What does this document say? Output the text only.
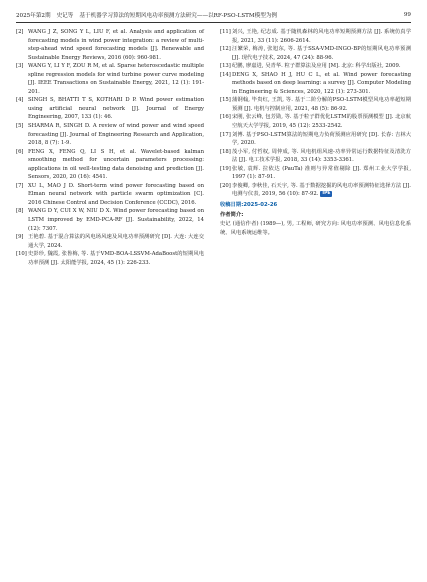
2025年第2期 史记等 基于机器学习算法的短期风电功率预测方法研究——以RF-PSO-LSTM模型为例	99

[2] WANG J Z, SONG Y L, LIU F, et al. Analysis and application of forecasting models in wind power integration: a review of multi-step-ahead wind speed forecasting models [J]. Renewable and Sustainable Energy Reviews, 2016 (60): 960-981.

[3] WANG Y, LI Y F, ZOU R M, et al. Sparse heteroscedastic multiple spline regression models for wind turbine power curve modeling [J]. IEEE Transactions on Sustainable Energy, 2021, 12 (1): 191-201.

[4] SINGH S, BHATTI T S, KOTHARI D P. Wind power estimation using artificial neural network [J]. Journal of Energy Engineering, 2007, 133 (1): 46.

[5] SHARMA R, SINGH D. A review of wind power and wind speed forecasting [J]. Journal of Engineering Research and Application, 2018, 8 (7): 1-9.

[6] FENG X, FENG Q, LI S H, et al. Wavelet-based kalman smoothing method for uncertain parameters processing: applications in oil well-testing data denoising and prediction [J]. Sensors, 2020, 20 (16): 4541.

[7] XU L, MAO J D. Short-term wind power forecasting based on Elman neural network with particle swarm optimization [C]. 2016 Chinese Control and Decision Conference (CCDC), 2016.

[8] WANG D Y, CUI X W, NIU D X. Wind power forecasting based on LSTM improved by EMD-PCA-RF [J]. Sustainability, 2022, 14 (12): 7307.

[9] 王艳碧. 基于混合算法的风电场风速及风电功率预测研究 [D]. 大连: 大连交通大学, 2024.

[10] 史彭珍, 魏霞, 张鲁梅, 等. 基于VMD-BOA-LSSVM-AdaBoost的短期风电功率预测 [J]. 太阳能学报, 2024, 45 (1): 226-233.

[11] 刘兴, 王艳, 纪志成. 基于随机森林的风电功率短期预测方法 [J]. 系统仿真学报, 2021, 33 (11): 2606-2614.

[12] 汪繁荣, 梅涛, 张旭东, 等. 基于SSA-VMD-INGO-BP的短期风电功率预测 [J]. 现代电子技术, 2024, 47 (24): 88-96.

[13] 纪鹏, 廖嘉进, 吴青华. 粒子群算法及应用 [M]. 北京: 科学出版社, 2009.

[14] DENG X, SHAO H J, HU C L, et al. Wind power forecasting methods based on deep learning: a survey [J]. Computer Modeling in Engineering & Sciences, 2020, 122 (1): 273-301.

[15] 蒲钢翰, 毕贵红, 王凯, 等. 基于二阶分解的PSO-LSTM模型风电功率超短期预测 [J]. 电机与控制应用, 2021, 48 (5): 86-92.

[16] 宋刚, 张云峰, 包芳勋, 等. 基于粒子群优化LSTM的股票预测模型 [J]. 北京航空航天大学学报, 2019, 45 (12): 2533-2542.

[17] 刘博. 基于PSO-LSTM算法的短期电力负荷预测应用研究 [D]. 长春: 吉林大学, 2020.

[18] 茂小军, 付哲权, 周仲成, 等. 风电机组风速-功率异常运行数据特征及清洗方法 [J]. 电工技术学报, 2018, 33 (14): 3353-3361.

[19] 张敏, 袁辉. 拉依达 (PauTa) 准则与异常值剔除 [J]. 郑州工业大学学报, 1997 (1): 87-91.

[20] 李俊卿, 李秋佳, 石天宇, 等. 基于数据挖掘的风电功率预测特征选择方法 [J]. 电测与仪表, 2019, 56 (10): 87-92. IPE

收稿日期:2025-02-26
作者简介:
史记 (通信作者) (1989—), 男, 工程师, 研究方向: 风电功率预测、风电信息化系统、风电系统运维等。
